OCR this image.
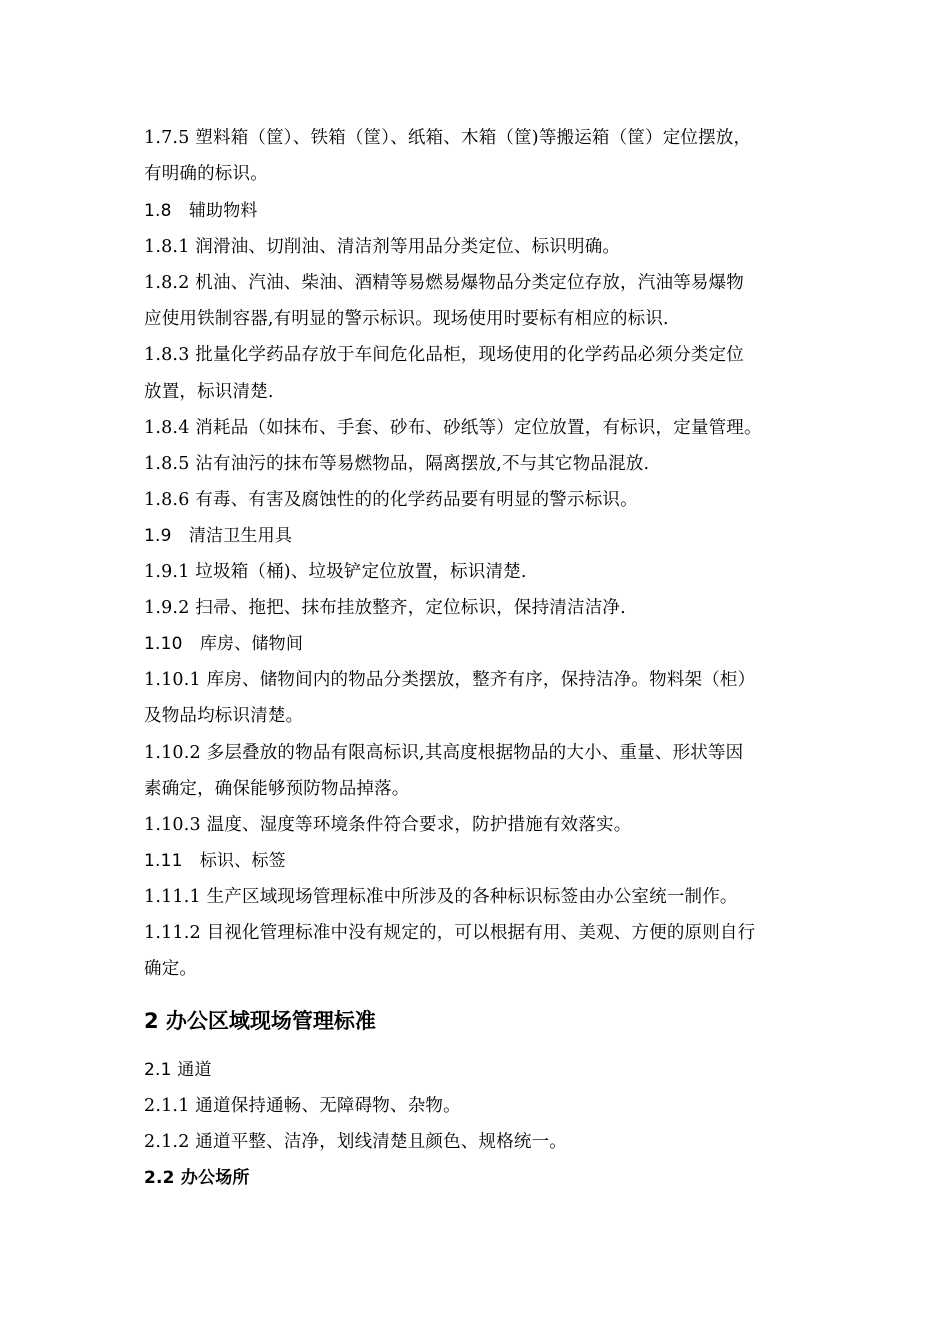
1.7.5 塑料箱（筐）、铁箱（筐）、纸箱、木箱（筐)等搬运箱（筐）定位摆放，
有明确的标识。
1.8　辅助物料
1.8.1 润滑油、切削油、清洁剂等用品分类定位、标识明确。
1.8.2 机油、汽油、柴油、酒精等易燃易爆物品分类定位存放，汽油等易爆物
应使用铁制容器,有明显的警示标识。现场使用时要标有相应的标识.
1.8.3 批量化学药品存放于车间危化品柜，现场使用的化学药品必须分类定位
放置，标识清楚.
1.8.4 消耗品（如抹布、手套、砂布、砂纸等）定位放置，有标识，定量管理。
1.8.5 沾有油污的抹布等易燃物品，隔离摆放,不与其它物品混放.
1.8.6 有毒、有害及腐蚀性的的化学药品要有明显的警示标识。
1.9　清洁卫生用具
1.9.1 垃圾箱（桶)、垃圾铲定位放置，标识清楚.
1.9.2 扫帚、拖把、抹布挂放整齐，定位标识，保持清洁洁净.
1.10　库房、储物间
1.10.1 库房、储物间内的物品分类摆放，整齐有序，保持洁净。物料架（柜）
及物品均标识清楚。
1.10.2 多层叠放的物品有限高标识,其高度根据物品的大小、重量、形状等因
素确定，确保能够预防物品掉落。
1.10.3 温度、湿度等环境条件符合要求，防护措施有效落实。
1.11　标识、标签
1.11.1 生产区域现场管理标准中所涉及的各种标识标签由办公室统一制作。
1.11.2 目视化管理标准中没有规定的，可以根据有用、美观、方便的原则自行
确定。
2 办公区域现场管理标准
2.1 通道
2.1.1 通道保持通畅、无障碍物、杂物。
2.1.2 通道平整、洁净，划线清楚且颜色、规格统一。
2.2 办公场所
